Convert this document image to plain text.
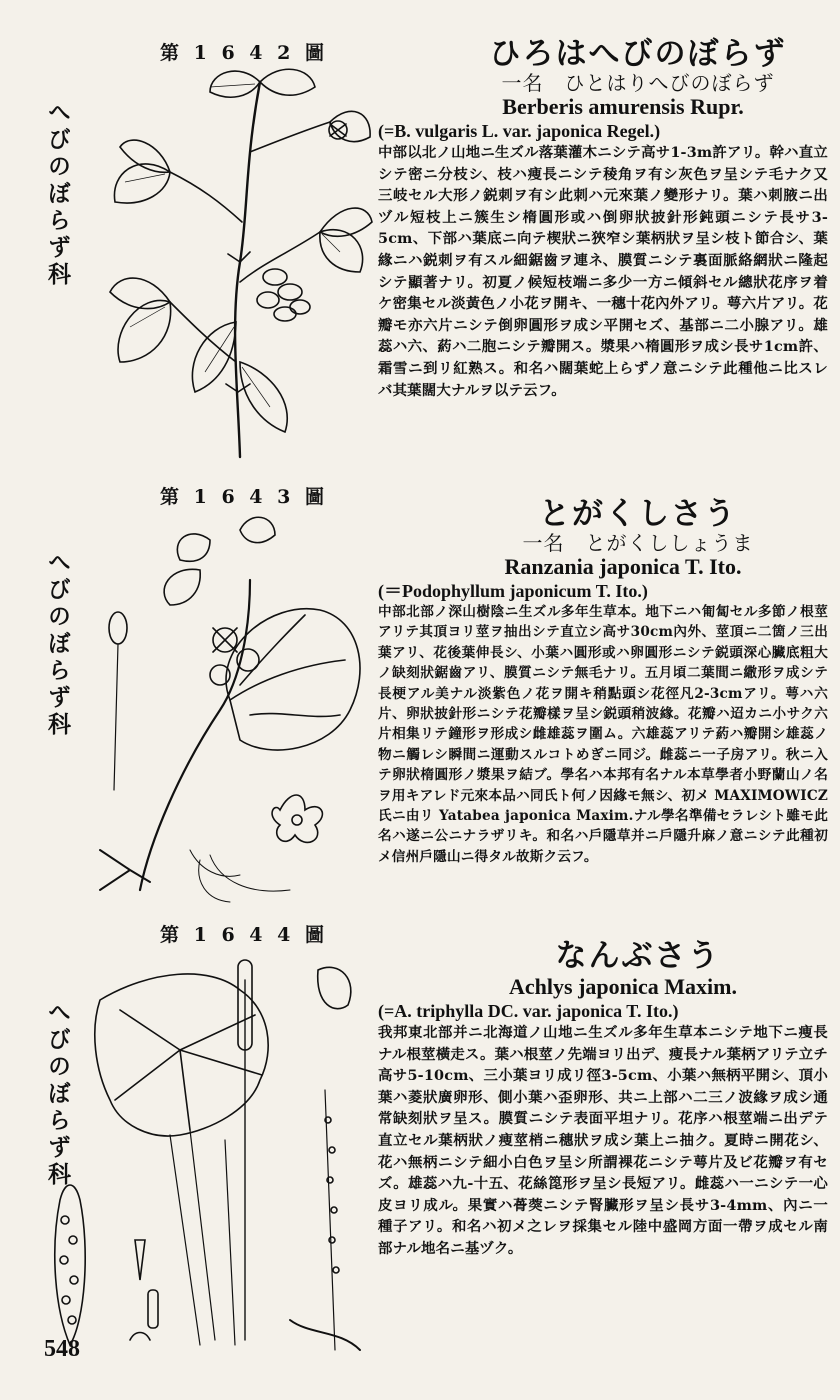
第 1 6 4 2 圖
へびのぼらず科
ひろはへびのぼらず
一名　ひとはりへびのぼらず
Berberis amurensis Rupr.
(=B. vulgaris L. var. japonica Regel.)
中部以北ノ山地ニ生ズル落葉灌木ニシテ高サ1-3m許アリ。幹ハ直立シテ密ニ分枝シ、枝ハ痩長ニシテ稜角ヲ有シ灰色ヲ呈シテ毛ナク又三岐セル大形ノ鋭刺ヲ有シ此刺ハ元來葉ノ變形ナリ。葉ハ刺腋ニ出ヅル短枝上ニ簇生シ楕圓形或ハ倒卵狀披針形鈍頭ニシテ長サ3-5cm、下部ハ葉底ニ向テ楔狀ニ狹窄シ葉柄狀ヲ呈シ枝ト節合シ、葉緣ニハ鋭刺ヲ有スル細鋸齒ヲ連ネ、膜質ニシテ裏面脈絡網狀ニ隆起シテ顯著ナリ。初夏ノ候短枝端ニ多少一方ニ傾斜セル總狀花序ヲ着ケ密集セル淡黃色ノ小花ヲ開キ、一穗十花內外アリ。萼六片アリ。花瓣モ亦六片ニシテ倒卵圓形ヲ成シ平開セズ、基部ニ二小腺アリ。雄蕊ハ六、葯ハ二胞ニシテ瓣開ス。漿果ハ楕圓形ヲ成シ長サ1cm許、霜雪ニ到リ紅熟ス。和名ハ闊葉蛇上らずノ意ニシテ此種他ニ比スレバ其葉闊大ナルヲ以テ云フ。
第 1 6 4 3 圖
へびのぼらず科
とがくしさう
一名　とがくししょうま
Ranzania japonica T. Ito.
(＝Podophyllum japonicum T. Ito.)
中部北部ノ深山樹陰ニ生ズル多年生草本。地下ニハ匍匐セル多節ノ根莖アリテ其頂ヨリ莖ヲ抽出シテ直立シ高サ30cm內外、莖頂ニ二箇ノ三出葉アリ、花後葉伸長シ、小葉ハ圓形或ハ卵圓形ニシテ鋭頭深心臟底粗大ノ缺刻狀鋸齒アリ、膜質ニシテ無毛ナリ。五月頃二葉間ニ繖形ヲ成シテ長梗アル美ナル淡紫色ノ花ヲ開キ稍點頭シ花徑凡2-3cmアリ。萼ハ六片、卵狀披針形ニシテ花瓣樣ヲ呈シ鋭頭稍波緣。花瓣ハ迢カニ小サク六片相集リテ鐘形ヲ形成シ雌雄蕊ヲ圍ム。六雄蕊アリテ葯ハ瓣開シ雄蕊ノ物ニ觸レシ瞬間ニ運動スルコトめぎニ同ジ。雌蕊ニ一子房アリ。秋ニ入テ卵狀楕圓形ノ漿果ヲ結ブ。學名ハ本邦有名ナル本草學者小野蘭山ノ名ヲ用キアレド元來本品ハ同氏ト何ノ因緣モ無シ、初メ MAXIMOWICZ 氏ニ由リ Yatabea japonica Maxim.ナル學名準備セラレシト雖モ此名ハ遂ニ公ニナラザリキ。和名ハ戶隱草并ニ戶隱升麻ノ意ニシテ此種初メ信州戶隱山ニ得タル故斯ク云フ。
第 1 6 4 4 圖
へびのぼらず科
なんぶさう
Achlys japonica Maxim.
(=A. triphylla DC. var. japonica T. Ito.)
我邦東北部并ニ北海道ノ山地ニ生ズル多年生草本ニシテ地下ニ痩長ナル根莖橫走ス。葉ハ根莖ノ先端ヨリ出デ、痩長ナル葉柄アリテ立チ高サ5-10cm、三小葉ヨリ成リ徑3-5cm、小葉ハ無柄平開シ、頂小葉ハ菱狀廣卵形、側小葉ハ歪卵形、共ニ上部ハ二三ノ波緣ヲ成シ通常缺刻狀ヲ呈ス。膜質ニシテ表面平坦ナリ。花序ハ根莖端ニ出デテ直立セル葉柄狀ノ痩莖梢ニ穗狀ヲ成シ葉上ニ抽ク。夏時ニ開花シ、花ハ無柄ニシテ細小白色ヲ呈シ所謂裸花ニシテ萼片及ビ花瓣ヲ有セズ。雄蕊ハ九-十五、花絲箆形ヲ呈シ長短アリ。雌蕊ハ一ニシテ一心皮ヨリ成ル。果實ハ蓇葖ニシテ腎臟形ヲ呈シ長サ3-4mm、內ニ一種子アリ。和名ハ初メ之レヲ採集セル陸中盛岡方面一帶ヲ成セル南部ナル地名ニ基ヅク。
548
